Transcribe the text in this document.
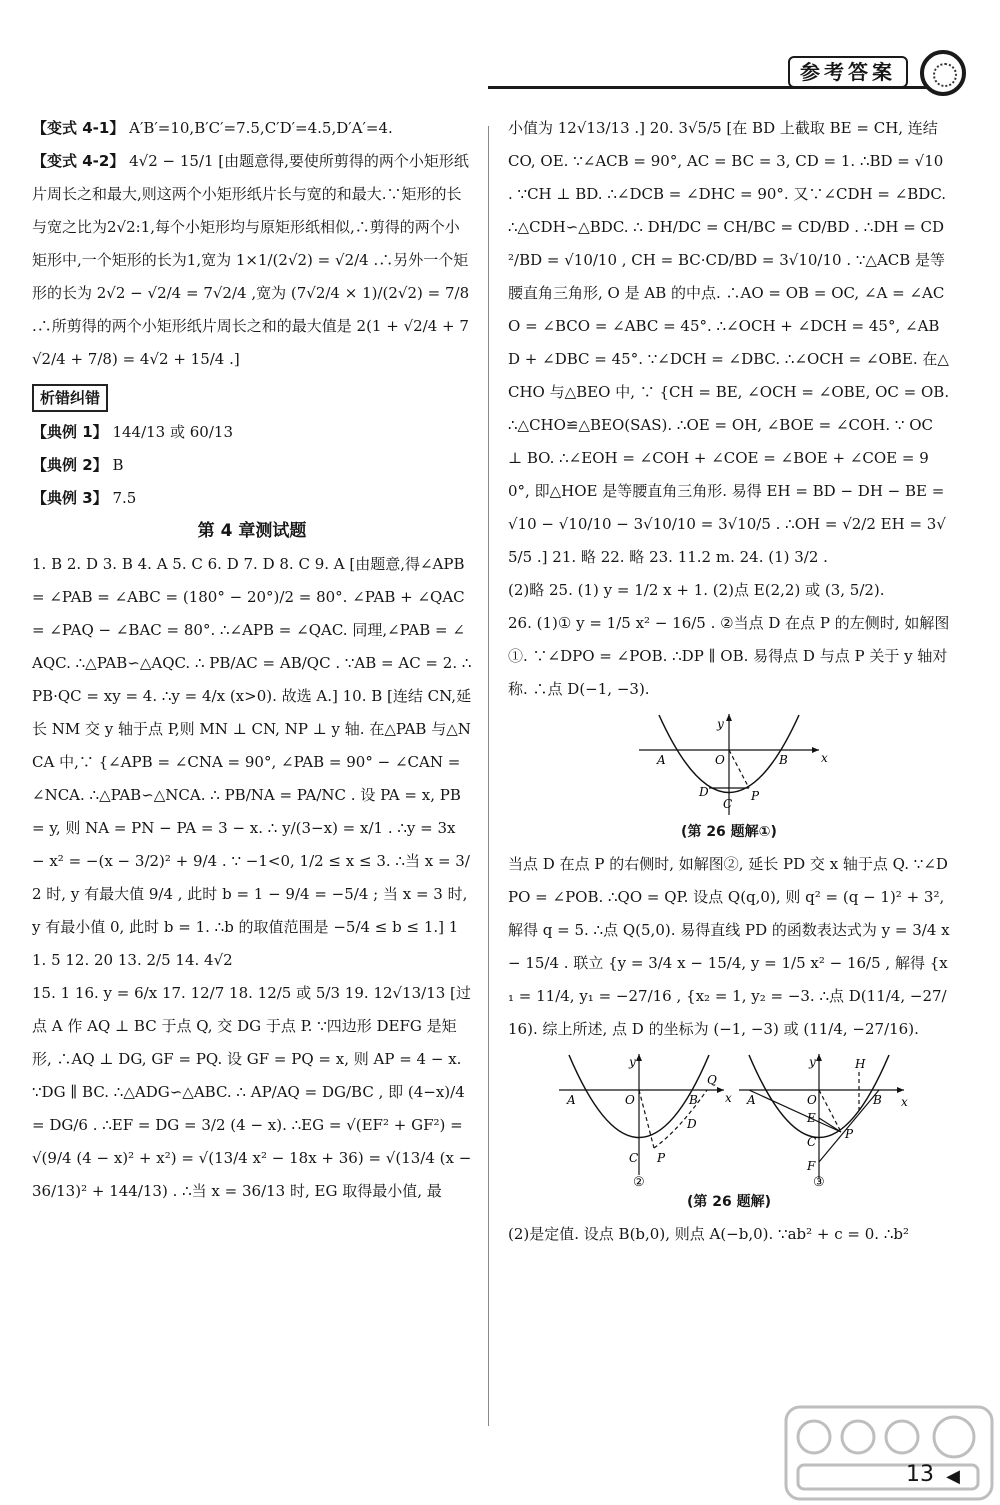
参考答案

【变式 4-1】 A′B′=10,B′C′=7.5,C′D′=4.5,D′A′=4.

【变式 4-2】 4√2 − 15/1 [由题意得,要使所剪得的两个小矩形纸片周长之和最大,则这两个小矩形纸片长与宽的和最大.∵矩形的长与宽之比为2√2:1,每个小矩形均与原矩形纸相似,∴剪得的两个小矩形中,一个矩形的长为1,宽为 1×1/(2√2) = √2/4 .∴另外一个矩形的长为 2√2 − √2/4 = 7√2/4 ,宽为 (7√2/4 × 1)/(2√2) = 7/8 .∴所剪得的两个小矩形纸片周长之和的最大值是 2(1 + √2/4 + 7√2/4 + 7/8) = 4√2 + 15/4 .]

析错纠错

【典例 1】 144/13 或 60/13

【典例 2】 B

【典例 3】 7.5

第 4 章测试题

1. B 2. D 3. B 4. A 5. C 6. D 7. D 8. C 9. A [由题意,得∠APB = ∠PAB = ∠ABC = (180° − 20°)/2 = 80°. ∠PAB + ∠QAC = ∠PAQ − ∠BAC = 80°. ∴∠APB = ∠QAC. 同理,∠PAB = ∠AQC. ∴△PAB∽△AQC. ∴ PB/AC = AB/QC . ∵AB = AC = 2. ∴PB·QC = xy = 4. ∴y = 4/x (x>0). 故选 A.] 10. B [连结 CN,延长 NM 交 y 轴于点 P,则 MN ⊥ CN, NP ⊥ y 轴. 在△PAB 与△NCA 中,∵ {∠APB = ∠CNA = 90°, ∠PAB = 90° − ∠CAN = ∠NCA. ∴△PAB∽△NCA. ∴ PB/NA = PA/NC . 设 PA = x, PB = y, 则 NA = PN − PA = 3 − x. ∴ y/(3−x) = x/1 . ∴y = 3x − x² = −(x − 3/2)² + 9/4 . ∵ −1<0, 1/2 ≤ x ≤ 3. ∴当 x = 3/2 时, y 有最大值 9/4 , 此时 b = 1 − 9/4 = −5/4 ; 当 x = 3 时, y 有最小值 0, 此时 b = 1. ∴b 的取值范围是 −5/4 ≤ b ≤ 1.] 11. 5 12. 20 13. 2/5 14. 4√2

15. 1 16. y = 6/x 17. 12/7 18. 12/5 或 5/3 19. 12√13/13 [过点 A 作 AQ ⊥ BC 于点 Q, 交 DG 于点 P. ∵四边形 DEFG 是矩形, ∴AQ ⊥ DG, GF = PQ. 设 GF = PQ = x, 则 AP = 4 − x. ∵DG ∥ BC. ∴△ADG∽△ABC. ∴ AP/AQ = DG/BC , 即 (4−x)/4 = DG/6 . ∴EF = DG = 3/2 (4 − x). ∴EG = √(EF² + GF²) = √(9/4 (4 − x)² + x²) = √(13/4 x² − 18x + 36) = √(13/4 (x − 36/13)² + 144/13) . ∴当 x = 36/13 时, EG 取得最小值, 最

小值为 12√13/13 .] 20. 3√5/5 [在 BD 上截取 BE = CH, 连结 CO, OE. ∵∠ACB = 90°, AC = BC = 3, CD = 1. ∴BD = √10 . ∵CH ⊥ BD. ∴∠DCB = ∠DHC = 90°. 又∵∠CDH = ∠BDC. ∴△CDH∽△BDC. ∴ DH/DC = CH/BC = CD/BD . ∴DH = CD²/BD = √10/10 , CH = BC·CD/BD = 3√10/10 . ∵△ACB 是等腰直角三角形, O 是 AB 的中点. ∴AO = OB = OC, ∠A = ∠ACO = ∠BCO = ∠ABC = 45°. ∴∠OCH + ∠DCH = 45°, ∠ABD + ∠DBC = 45°. ∵∠DCH = ∠DBC. ∴∠OCH = ∠OBE. 在△CHO 与△BEO 中, ∵ {CH = BE, ∠OCH = ∠OBE, OC = OB. ∴△CHO≌△BEO(SAS). ∴OE = OH, ∠BOE = ∠COH. ∵ OC ⊥ BO. ∴∠EOH = ∠COH + ∠COE = ∠BOE + ∠COE = 90°, 即△HOE 是等腰直角三角形. 易得 EH = BD − DH − BE = √10 − √10/10 − 3√10/10 = 3√10/5 . ∴OH = √2/2 EH = 3√5/5 .] 21. 略 22. 略 23. 11.2 m. 24. (1) 3/2 .

(2)略 25. (1) y = 1/2 x + 1. (2)点 E(2,2) 或 (3, 5/2).

26. (1)① y = 1/5 x² − 16/5 . ②当点 D 在点 P 的左侧时, 如解图①. ∵∠DPO = ∠POB. ∴DP ∥ OB. 易得点 D 与点 P 关于 y 轴对称. ∴点 D(−1, −3).

y
x
A	B
O
D
C
P
(第 26 题解①)

当点 D 在点 P 的右侧时, 如解图②, 延长 PD 交 x 轴于点 Q. ∵∠DPO = ∠POB. ∴QO = QP. 设点 Q(q,0), 则 q² = (q − 1)² + 3², 解得 q = 5. ∴点 Q(5,0). 易得直线 PD 的函数表达式为 y = 3/4 x − 15/4 . 联立 {y = 3/4 x − 15/4, y = 1/5 x² − 16/5 , 解得 {x₁ = 11/4, y₁ = −27/16 , {x₂ = 1, y₂ = −3. ∴点 D(11/4, −27/16). 综上所述, 点 D 的坐标为 (−1, −3) 或 (11/4, −27/16).

y
x
A	O	B
Q
D
C P
②
y
x
A	O
H
B
E
P
C
F
③
(第 26 题解)

(2)是定值. 设点 B(b,0), 则点 A(−b,0). ∵ab² + c = 0. ∴b²

13 ◀
